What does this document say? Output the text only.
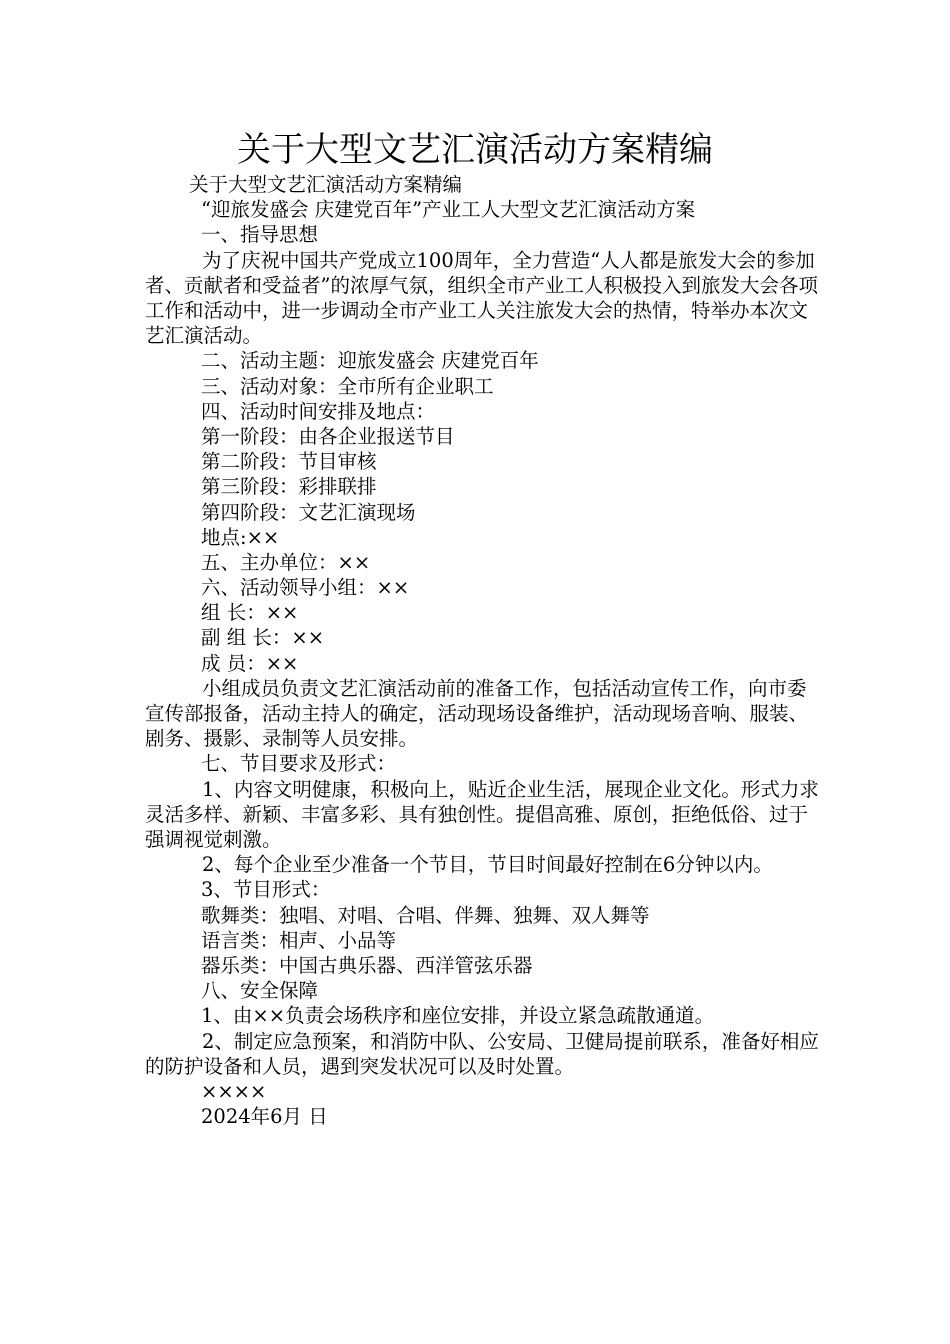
关于大型文艺汇演活动方案精编
关于大型文艺汇演活动方案精编
“迎旅发盛会 庆建党百年”产业工人大型文艺汇演活动方案
一、指导思想
为了庆祝中国共产党成立100周年，全力营造“人人都是旅发大会的参加者、贡献者和受益者”的浓厚气氛，组织全市产业工人积极投入到旅发大会各项工作和活动中，进一步调动全市产业工人关注旅发大会的热情，特举办本次文艺汇演活动。
二、活动主题：迎旅发盛会 庆建党百年
三、活动对象：全市所有企业职工
四、活动时间安排及地点：
第一阶段：由各企业报送节目
第二阶段：节目审核
第三阶段：彩排联排
第四阶段：文艺汇演现场
地点:××
五、主办单位：××
六、活动领导小组：××
组 长：××
副 组 长：××
成 员：××
小组成员负责文艺汇演活动前的准备工作，包括活动宣传工作，向市委宣传部报备，活动主持人的确定，活动现场设备维护，活动现场音响、服装、剧务、摄影、录制等人员安排。
七、节目要求及形式：
1、内容文明健康，积极向上，贴近企业生活，展现企业文化。形式力求灵活多样、新颖、丰富多彩、具有独创性。提倡高雅、原创，拒绝低俗、过于强调视觉刺激。
2、每个企业至少准备一个节目，节目时间最好控制在6分钟以内。
3、节目形式：
歌舞类：独唱、对唱、合唱、伴舞、独舞、双人舞等
语言类：相声、小品等
器乐类：中国古典乐器、西洋管弦乐器
八、安全保障
1、由××负责会场秩序和座位安排，并设立紧急疏散通道。
2、制定应急预案，和消防中队、公安局、卫健局提前联系，准备好相应的防护设备和人员，遇到突发状况可以及时处置。
××××
2024年6月 日
